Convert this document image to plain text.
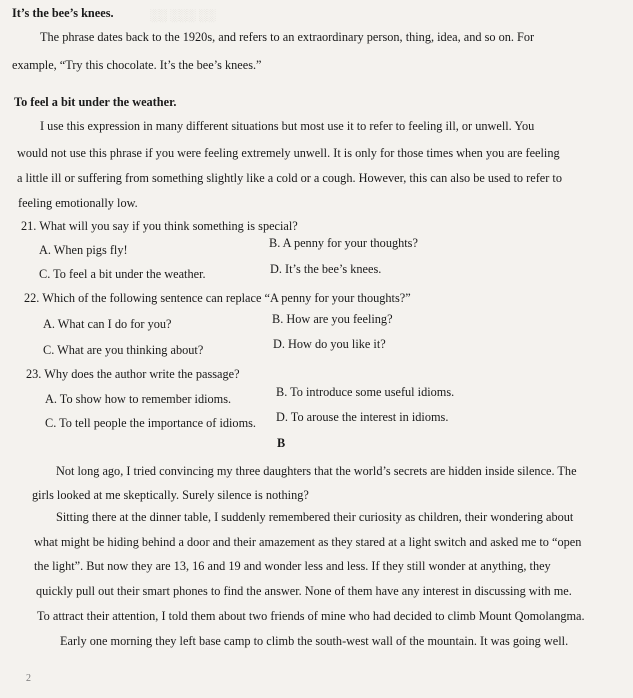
░░ ░░░ ░░
It’s the bee’s knees.
The phrase dates back to the 1920s, and refers to an extraordinary person, thing, idea, and so on. For
example, “Try this chocolate. It’s the bee’s knees.”
To feel a bit under the weather.
I use this expression in many different situations but most use it to refer to feeling ill, or unwell. You
would not use this phrase if you were feeling extremely unwell. It is only for those times when you are feeling
a little ill or suffering from something slightly like a cold or a cough. However, this can also be used to refer to
feeling emotionally low.
21. What will you say if you think something is special?
A. When pigs fly!	B. A penny for your thoughts?
C. To feel a bit under the weather.	D. It’s the bee’s knees.
22. Which of the following sentence can replace “A penny for your thoughts?”
A. What can I do for you?	B. How are you feeling?
C. What are you thinking about?	D. How do you like it?
23. Why does the author write the passage?
A. To show how to remember idioms.	B. To introduce some useful idioms.
C. To tell people the importance of idioms. D. To arouse the interest in idioms.
B
Not long ago, I tried convincing my three daughters that the world’s secrets are hidden inside silence. The
girls looked at me skeptically. Surely silence is nothing?
Sitting there at the dinner table, I suddenly remembered their curiosity as children, their wondering about
what might be hiding behind a door and their amazement as they stared at a light switch and asked me to “open
the light”. But now they are 13, 16 and 19 and wonder less and less. If they still wonder at anything, they
quickly pull out their smart phones to find the answer. None of them have any interest in discussing with me.
To attract their attention, I told them about two friends of mine who had decided to climb Mount Qomolangma.
Early one morning they left base camp to climb the south-west wall of the mountain. It was going well.
2
